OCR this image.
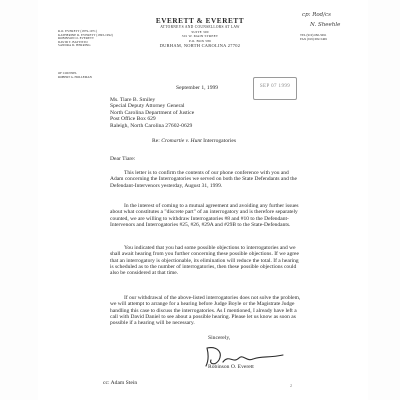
EVERETT & EVERETT
ATTORNEYS AND COUNSELLORS AT LAW
SUITE 300
301 W. MAIN STREET
P.O. BOX 586
DURHAM, NORTH CAROLINA 27702
R.O. EVERETT (1879-1971)
KATHERINE R. EVERETT (1893-1992)
ROBINSON O. EVERETT
DAVID T. BATTISTO
SANDRA D. HERRING
OF COUNSEL
ROBERT G. HOLLEMAN
TEL (919) 682-5691
FAX (919) 682-5469
cp: Rod/cs
N. Sheehle
SEP 07 1999
September 1, 1999
Ms. Tiare B. Smiley
Special Deputy Attorney General
North Carolina Department of Justice
Post Office Box 629
Raleigh, North Carolina 27602-0629
Re: Cromartie v. Hunt Interrogatories
Dear Tiare:

This letter is to confirm the contents of our phone conference with you and Adam concerning the Interrogatories we served on both the State Defendants and the Defendant-Intervenors yesterday, August 31, 1999.

In the interest of coming to a mutual agreement and avoiding any further issues about what constitutes a "discrete part" of an interrogatory and is therefore separately counted, we are willing to withdraw Interrogatories #8 and #10 to the Defendant-Intervenors and Interrogatories #25, #26, #29A and #29B to the State-Defendants.

You indicated that you had some possible objections to interrogatories and we shall await hearing from you further concerning these possible objections. If we agree that an interrogatory is objectionable, its elimination will reduce the total. If a hearing is scheduled as to the number of interrogatories, then these possible objections could also be considered at that time.

If our withdrawal of the above-listed interrogatories does not solve the problem, we will attempt to arrange for a hearing before Judge Boyle or the Magistrate Judge handling this case to discuss the interrogatories. As I mentioned, I already have left a call with David Daniel to see about a possible hearing. Please let us know as soon as possible if a hearing will be necessary.

Sincerely,
Robinson O. Everett
cc: Adam Stein	2
